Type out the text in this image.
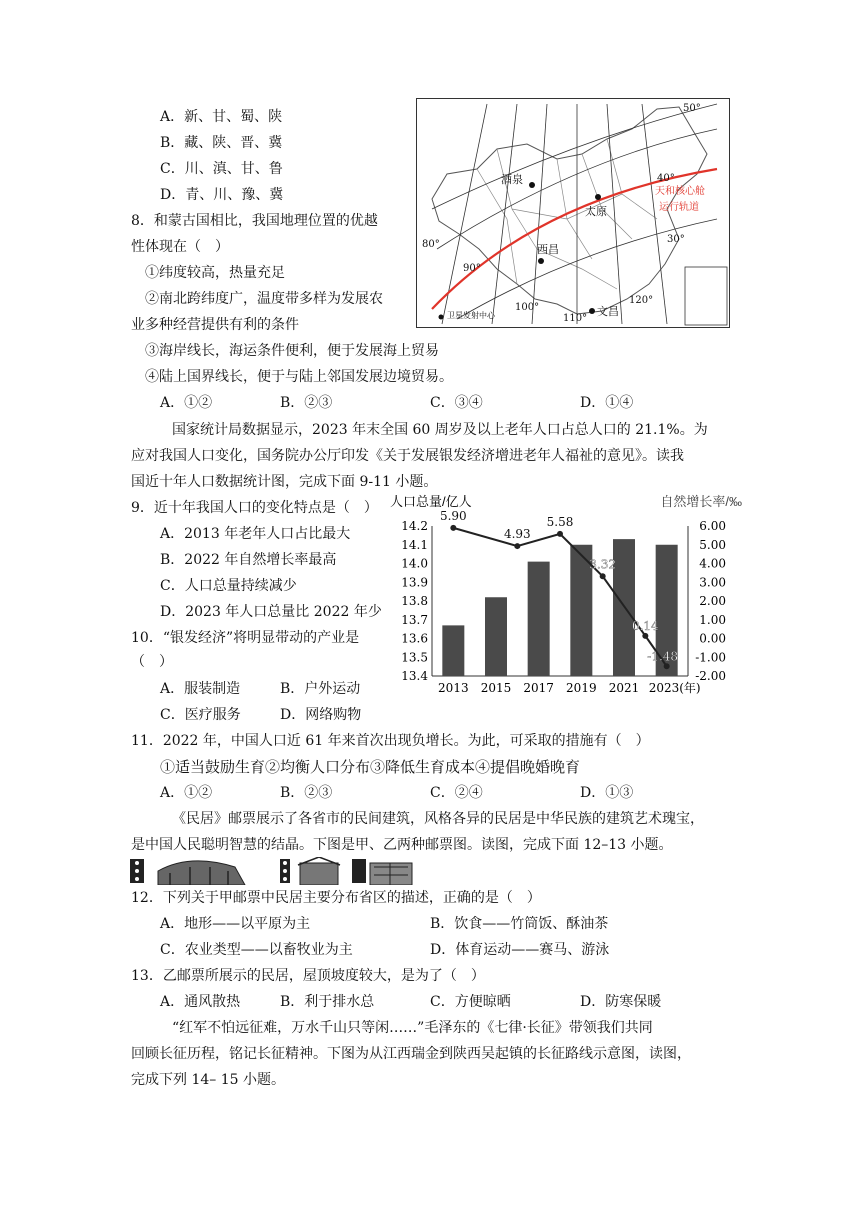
A．新、甘、蜀、陕
B．藏、陕、晋、冀
C．川、滇、甘、鲁
D．青、川、豫、冀
8．和蒙古国相比，我国地理位置的优越
性体现在（　）
①纬度较高，热量充足
②南北跨纬度广，温度带多样为发展农
业多种经营提供有利的条件
③海岸线长，海运条件便利，便于发展海上贸易
④陆上国界线长，便于与陆上邻国发展边境贸易。
A．①②	B．②③	C．③④	D．①④
酒泉
太原
西昌
文昌
天和核心舱
运行轨道
卫星发射中心
50°
40°
30°
80°
90°
100°
110°
120°
国家统计局数据显示，2023 年末全国 60 周岁及以上老年人口占总人口的 21.1%。为
应对我国人口变化，国务院办公厅印发《关于发展银发经济增进老年人福祉的意见》。读我
国近十年人口数据统计图，完成下面 9-11 小题。
9．近十年我国人口的变化特点是（　）
A．2013 年老年人口占比最大
B．2022 年自然增长率最高
C．人口总量持续减少
D．2023 年人口总量比 2022 年少
10．“银发经济”将明显带动的产业是
（　）
A．服装制造	B．户外运动
C．医疗服务	D．网络购物
人口总量/亿人	自然增长率/‰
14.2
14.1
14.0
13.9
13.8
13.7
13.6
13.5
13.4
6.00
5.00
4.00
3.00
2.00
1.00
0.00
-1.00
-2.00
2013 2015 2017 2019 2021 2023(年)
5.90
4.93
5.58
3.32
0.14
-1.48
11．2022 年，中国人口近 61 年来首次出现负增长。为此，可采取的措施有（　）
①适当鼓励生育②均衡人口分布③降低生育成本④提倡晚婚晚育
A．①②	B．②③	C．②④	D．①③
《民居》邮票展示了各省市的民间建筑，风格各异的民居是中华民族的建筑艺术瑰宝，
是中国人民聪明智慧的结晶。下图是甲、乙两种邮票图。读图，完成下面 12–13 小题。
12．下列关于甲邮票中民居主要分布省区的描述，正确的是（　）
A．地形——以平原为主	B．饮食——竹筒饭、酥油茶
C．农业类型——以畜牧业为主	D．体育运动——赛马、游泳
13．乙邮票所展示的民居，屋顶坡度较大，是为了（　）
A．通风散热	B．利于排水总	C．方便晾晒	D．防寒保暖
“红军不怕远征难，万水千山只等闲……”毛泽东的《七律·长征》带领我们共同
回顾长征历程，铭记长征精神。下图为从江西瑞金到陕西吴起镇的长征路线示意图，读图，
完成下列 14– 15 小题。
